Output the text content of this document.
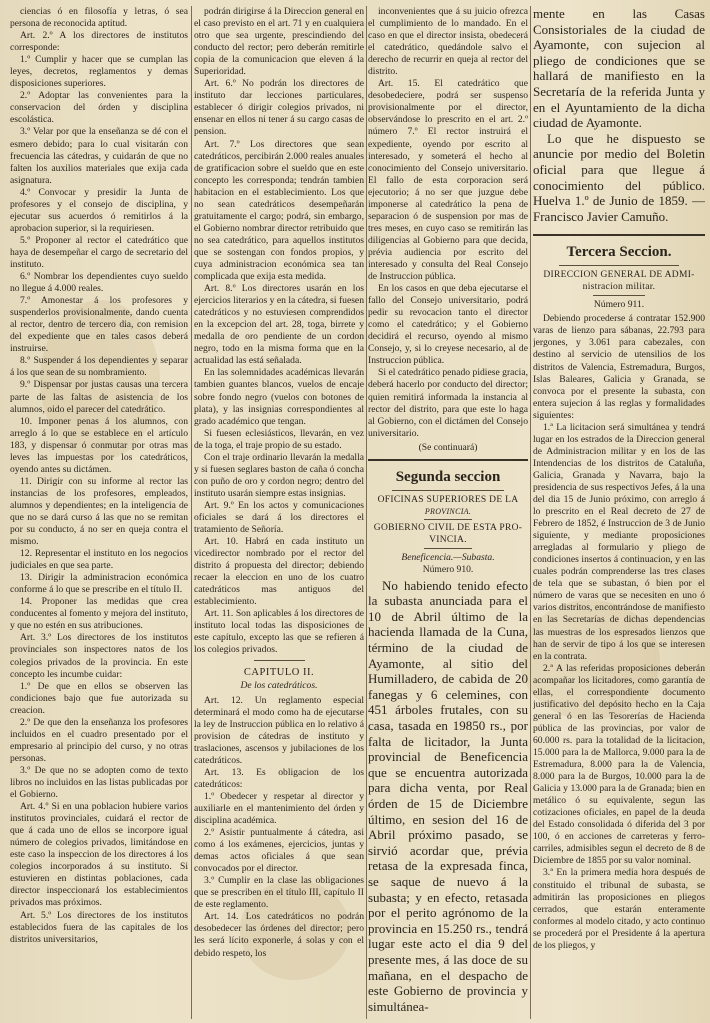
ciencias ó en filosofía y letras, ó sea persona de reconocida aptitud.

Art. 2.º A los directores de institutos corresponde:

1.º Cumplir y hacer que se cumplan las leyes, decretos, reglamentos y demas disposiciones superiores.

2.º Adoptar las convenientes para la conservacion del órden y disciplina escolástica.

3.º Velar por que la enseñanza se dé con el esmero debido; para lo cual visitarán con frecuencia las cátedras, y cuidarán de que no falten los auxilios materiales que exija cada asignatura.

4.º Convocar y presidir la Junta de profesores y el consejo de disciplina, y ejecutar sus acuerdos ó remitirlos á la aprobacion superior, si la requiriesen.

5.º Proponer al rector el catedrático que haya de desempeñar el cargo de secretario del instituto.

6.º Nombrar los dependientes cuyo sueldo no llegue á 4.000 reales.

7.º Amonestar á los profesores y suspenderlos provisionalmente, dando cuenta al rector, dentro de tercero dia, con remision del expediente que en tales casos deberá instruirse.

8.º Suspender á los dependientes y separar á los que sean de su nombramiento.

9.º Dispensar por justas causas una tercera parte de las faltas de asistencia de los alumnos, oido el parecer del catedrático.

10. Imponer penas á los alumnos, con arreglo á lo que se establece en el artículo 183, y dispensar ó conmutar por otras mas leves las impuestas por los catedráticos, oyendo antes su dictámen.

11. Dirigir con su informe al rector las instancias de los profesores, empleados, alumnos y dependientes; en la inteligencia de que no se dará curso á las que no se remitan por su conducto, á no ser en queja contra el mismo.

12. Representar el instituto en los negocios judiciales en que sea parte.

13. Dirigir la administracion económica conforme á lo que se prescribe en el título II.

14. Proponer las medidas que crea conducentes al fomento y mejora del instituto, y que no estén en sus atribuciones.

Art. 3.º Los directores de los institutos provinciales son inspectores natos de los colegios privados de la provincia. En este concepto les incumbe cuidar:

1.º De que en ellos se observen las condiciones bajo que fue autorizada su creacion.

2.º De que den la enseñanza los profesores incluidos en el cuadro presentado por el empresario al principio del curso, y no otras personas.

3.º De que no se adopten como de texto libros no incluidos en las listas publicadas por el Gobierno.

Art. 4.º Si en una poblacion hubiere varios institutos provinciales, cuidará el rector de que á cada uno de ellos se incorpore igual número de colegios privados, limitándose en este caso la inspeccion de los directores á los colegios incorporados á su instituto. Si estuvieren en distintas poblaciones, cada director inspeccionará los establecimientos privados mas próximos.

Art. 5.º Los directores de los institutos establecidos fuera de las capitales de los distritos universitarios,

podrán dirigirse á la Direccion general en el caso previsto en el art. 71 y en cualquiera otro que sea urgente, prescindiendo del conducto del rector; pero deberán remitirle copia de la comunicacion que eleven á la Superioridad.

Art. 6.º No podrán los directores de instituto dar lecciones particulares, establecer ó dirigir colegios privados, ni ensenar en ellos ni tener á su cargo casas de pension.

Art. 7.º Los directores que sean catedráticos, percibirán 2.000 reales anuales de gratificacion sobre el sueldo que en este concepto les corresponda; tendrán tambien habitacion en el establecimiento. Los que no sean catedráticos desempeñarán gratuitamente el cargo; podrá, sin embargo, el Gobierno nombrar director retribuido que no sea catedrático, para aquellos institutos que se sostengan con fondos propios, y cuya administracion económica sea tan complicada que exija esta medida.

Art. 8.º Los directores usarán en los ejercicios literarios y en la cátedra, si fuesen catedráticos y no estuviesen comprendidos en la excepcion del art. 28, toga, birrete y medalla de oro pendiente de un cordon negro, todo en la misma forma que en la actualidad las está señalada.

En las solemnidades académicas llevarán tambien guantes blancos, vuelos de encaje sobre fondo negro (vuelos con botones de plata), y las insignias correspondientes al grado académico que tengan.

Si fuesen eclesiásticos, llevarán, en vez de la toga, el traje propio de su estado.

Con el traje ordinario llevarán la medalla y si fuesen seglares baston de caña ó concha con puño de oro y cordon negro; dentro del instituto usarán siempre estas insignias.

Art. 9.º En los actos y comunicaciones oficiales se dará á los directores el tratamiento de Señoría.

Art. 10. Habrá en cada instituto un vicedirector nombrado por el rector del distrito á propuesta del director; debiendo recaer la eleccion en uno de los cuatro catedráticos mas antiguos del establecimiento.

Art. 11. Son aplicables á los directores de instituto local todas las disposiciones de este capítulo, excepto las que se refieren á los colegios privados.

CAPITULO II.
De los catedráticos.

Art. 12. Un reglamento especial determinará el modo como ha de ejecutarse la ley de Instruccion pública en lo relativo á provision de cátedras de instituto y traslaciones, ascensos y jubilaciones de los catedráticos.

Art. 13. Es obligacion de los catedráticos:

1.º Obedecer y respetar al director y auxiliarle en el mantenimiento del órden y disciplina académica.

2.º Asistir puntualmente á cátedra, asi como á los exámenes, ejercicios, juntas y demas actos oficiales á que sean convocados por el director.

3.º Cumplir en la clase las obligaciones que se prescriben en el título III, capítulo II de este reglamento.

Art. 14. Los catedráticos no podrán desobedecer las órdenes del director; pero les será lícito exponerle, á solas y con el debido respeto, los

inconvenientes que á su juicio ofrezca el cumplimiento de lo mandado. En el caso en que el director insista, obedecerá el catedrático, quedándole salvo el derecho de recurrir en queja al rector del distrito.

Art. 15. El catedrático que desobedeciere, podrá ser suspenso provisionalmente por el director, observándose lo prescrito en el art. 2.º número 7.º El rector instruirá el expediente, oyendo por escrito al interesado, y someterá el hecho al conocimiento del Consejo universitario. El fallo de esta corporacion será ejecutorio; á no ser que juzgue debe imponerse al catedrático la pena de separacion ó de suspension por mas de tres meses, en cuyo caso se remitirán las diligencias al Gobierno para que decida, prévia audiencia por escrito del interesado y consulta del Real Consejo de Instruccion pública.

En los casos en que deba ejecutarse el fallo del Consejo universitario, podrá pedir su revocacion tanto el director como el catedrático; y el Gobierno decidirá el recurso, oyendo al mismo Consejo, y, si lo creyese necesario, al de Instruccion pública.

Si el catedrático penado pidiese gracia, deberá hacerlo por conducto del director; quien remitirá informada la instancia al rector del distrito, para que este lo haga al Gobierno, con el dictámen del Consejo universitario.

(Se continuará)
Segunda seccion
OFICINAS SUPERIORES DE LA
PROVINCIA.
GOBIERNO CIVIL DE ESTA PRO-
VINCIA.
Beneficencia.—Subasta.
Número 910.

No habiendo tenido efecto la subasta anunciada para el 10 de Abril último de la hacienda llamada de la Cuna, término de la ciudad de Ayamonte, al sitio del Humilladero, de cabida de 20 fanegas y 6 celemines, con 451 árboles frutales, con su casa, tasada en 19850 rs., por falta de licitador, la Junta provincial de Beneficencia que se encuentra autorizada para dicha venta, por Real órden de 15 de Diciembre último, en sesion del 16 de Abril próximo pasado, se sirvió acordar que, prévia retasa de la expresada finca, se saque de nuevo á la subasta; y en efecto, retasada por el perito agrónomo de la provincia en 15.250 rs., tendrá lugar este acto el dia 9 del presente mes, á las doce de su mañana, en el despacho de este Gobierno de provincia y simultánea-

mente en las Casas Consistoriales de la ciudad de Ayamonte, con sujecion al pliego de condiciones que se hallará de manifiesto en la Secretaría de la referida Junta y en el Ayuntamiento de la dicha ciudad de Ayamonte.

Lo que he dispuesto se anuncie por medio del Boletin oficial para que llegue á conocimiento del público. Huelva 1.º de Junio de 1859. —Francisco Javier Camuño.

Tercera Seccion.
DIRECCION GENERAL DE ADMI-
nistracion militar.
Número 911.

Debiendo procederse á contratar 152.900 varas de lienzo para sábanas, 22.793 para jergones, y 3.061 para cabezales, con destino al servicio de utensilios de los distritos de Valencia, Estremadura, Burgos, Islas Baleares, Galicia y Granada, se convoca por el presente la subasta, con entera sujecion á las reglas y formalidades siguientes:

1.ª La licitacion será simultánea y tendrá lugar en los estrados de la Direccion general de Administracion militar y en los de las Intendencias de los distritos de Cataluña, Galicia, Granada y Navarra, bajo la presidencia de sus respectivos Jefes, á la una del dia 15 de Junio próximo, con arreglo á lo prescrito en el Real decreto de 27 de Febrero de 1852, é Instruccion de 3 de Junio siguiente, y mediante proposiciones arregladas al formulario y pliego de condiciones insertos á continuacion, y en las cuales podrán comprenderse las tres clases de tela que se subastan, ó bien por el número de varas que se necesiten en uno ó varios distritos, encontrándose de manifiesto en las Secretarías de dichas dependencias las muestras de los espresados lienzos que han de servir de tipo á los que se interesen en la contrata.

2.ª A las referidas proposiciones deberán acompañar los licitadores, como garantía de ellas, el correspondiente documento justificativo del depósito hecho en la Caja general ó en las Tesorerías de Hacienda pública de las provincias, por valor de 60.000 rs. para la totalidad de la licitacion, 15.000 para la de Mallorca, 9.000 para la de Estremadura, 8.000 para la de Valencia, 8.000 para la de Burgos, 10.000 para la de Galicia y 13.000 para la de Granada; bien en metálico ó su equivalente, segun las cotizaciones oficiales, en papel de la deuda del Estado consolidada ó diferida del 3 por 100, ó en acciones de carreteras y ferro-carriles, admisibles segun el decreto de 8 de Diciembre de 1855 por su valor nominal.

3.ª En la primera media hora después de constituido el tribunal de subasta, se admitirán las proposiciones en pliegos cerrados, que estarán enteramente conformes al modelo citado, y acto continuo se procederá por el Presidente á la apertura de los pliegos, y
